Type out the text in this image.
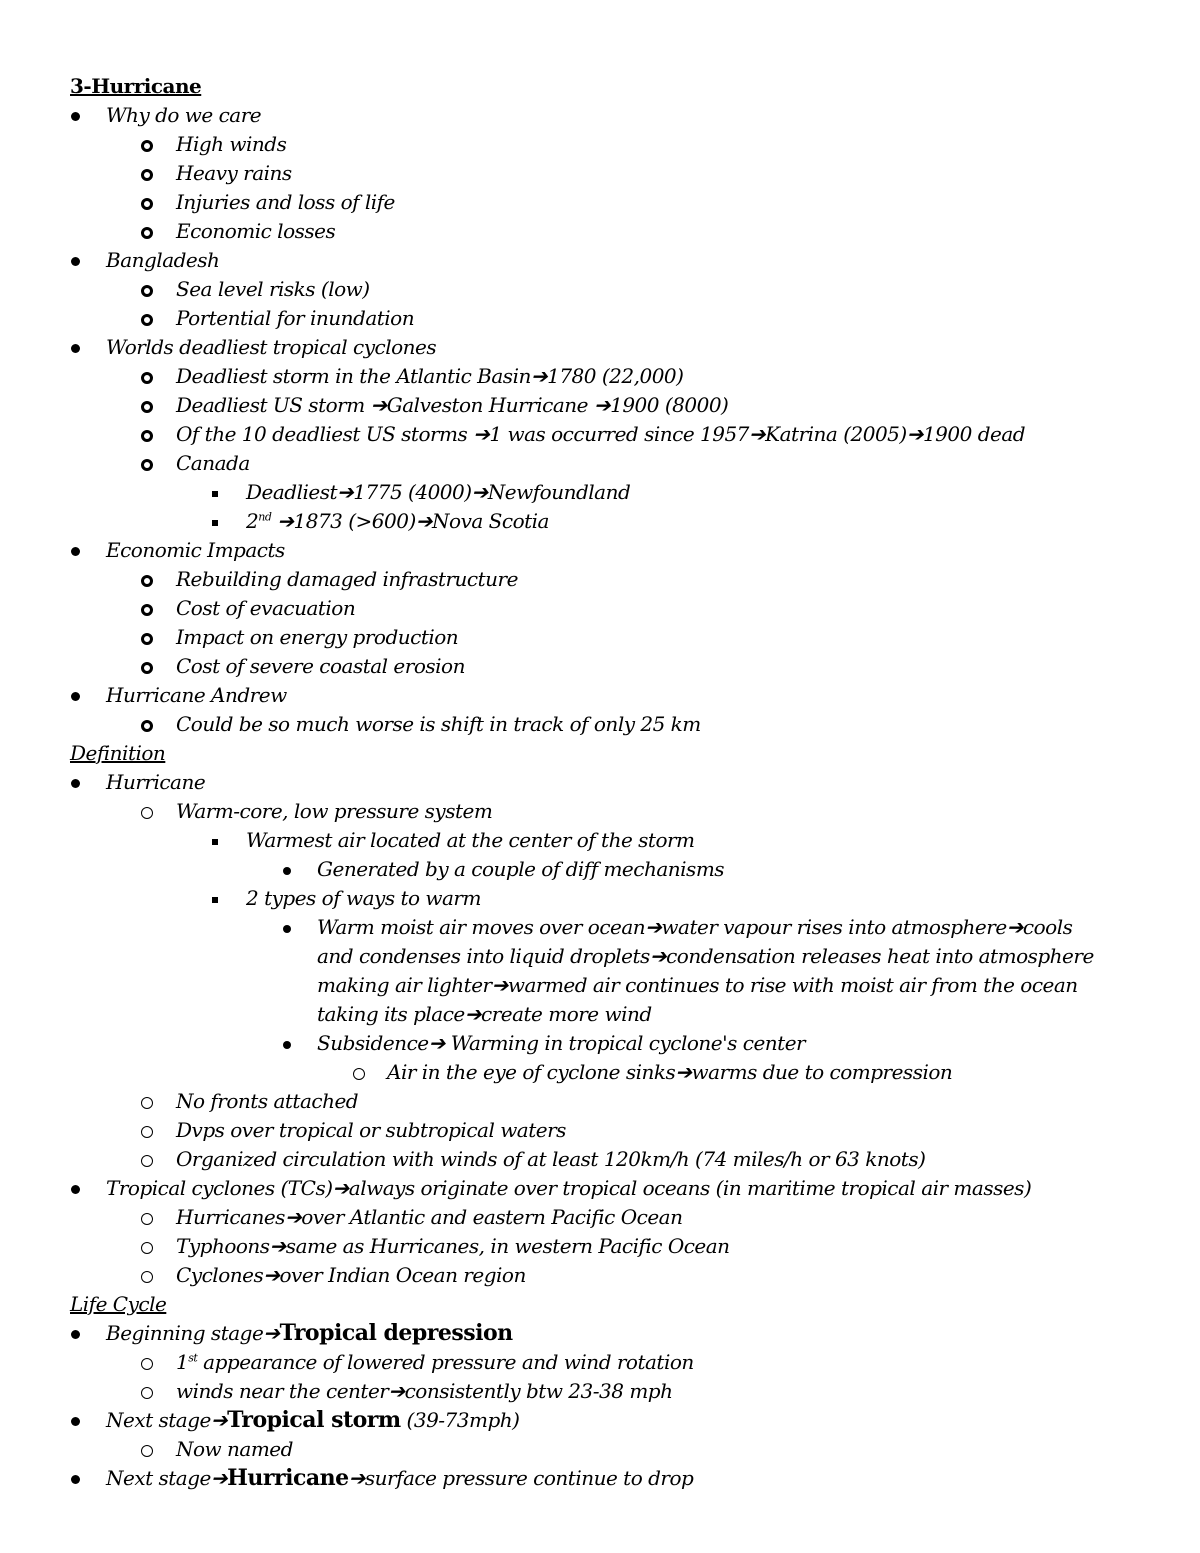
3-Hurricane
Why do we care
High winds
Heavy rains
Injuries and loss of life
Economic losses
Bangladesh
Sea level risks (low)
Portential for inundation
Worlds deadliest tropical cyclones
Deadliest storm in the Atlantic Basin➔1780 (22,000)
Deadliest US storm ➔Galveston Hurricane ➔1900 (8000)
Of the 10 deadliest US storms ➔1 was occurred since 1957➔Katrina (2005)➔1900 dead
Canada
Deadliest➔1775 (4000)➔Newfoundland
2nd ➔1873 (>600)➔Nova Scotia
Economic Impacts
Rebuilding damaged infrastructure
Cost of evacuation
Impact on energy production
Cost of severe coastal erosion
Hurricane Andrew
Could be so much worse is shift in track of only 25 km
Definition
Hurricane
Warm-core, low pressure system
Warmest air located at the center of the storm
Generated by a couple of diff mechanisms
2 types of ways to warm
Warm moist air moves over ocean➔water vapour rises into atmosphere➔cools
and condenses into liquid droplets➔condensation releases heat into atmosphere
making air lighter➔warmed air continues to rise with moist air from the ocean
taking its place➔create more wind
Subsidence➔ Warming in tropical cyclone's center
Air in the eye of cyclone sinks➔warms due to compression
No fronts attached
Dvps over tropical or subtropical waters
Organized circulation with winds of at least 120km/h (74 miles/h or 63 knots)
Tropical cyclones (TCs)➔always originate over tropical oceans (in maritime tropical air masses)
Hurricanes➔over Atlantic and eastern Pacific Ocean
Typhoons➔same as Hurricanes, in western Pacific Ocean
Cyclones➔over Indian Ocean region
Life Cycle
Beginning stage➔Tropical depression
1st appearance of lowered pressure and wind rotation
winds near the center➔consistently btw 23-38 mph
Next stage➔Tropical storm (39-73mph)
Now named
Next stage➔Hurricane➔surface pressure continue to drop
